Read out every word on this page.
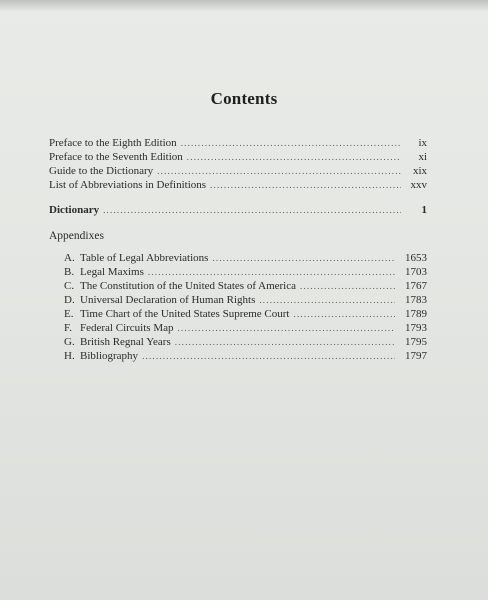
Contents
Preface to the Eighth Edition .....	ix
Preface to the Seventh Edition .....	xi
Guide to the Dictionary .....	xix
List of Abbreviations in Definitions .....	xxv
Dictionary .....	1
Appendixes
A. Table of Legal Abbreviations .....	1653
B. Legal Maxims .....	1703
C. The Constitution of the United States of America .....	1767
D. Universal Declaration of Human Rights .....	1783
E. Time Chart of the United States Supreme Court .....	1789
F. Federal Circuits Map .....	1793
G. British Regnal Years .....	1795
H. Bibliography .....	1797
